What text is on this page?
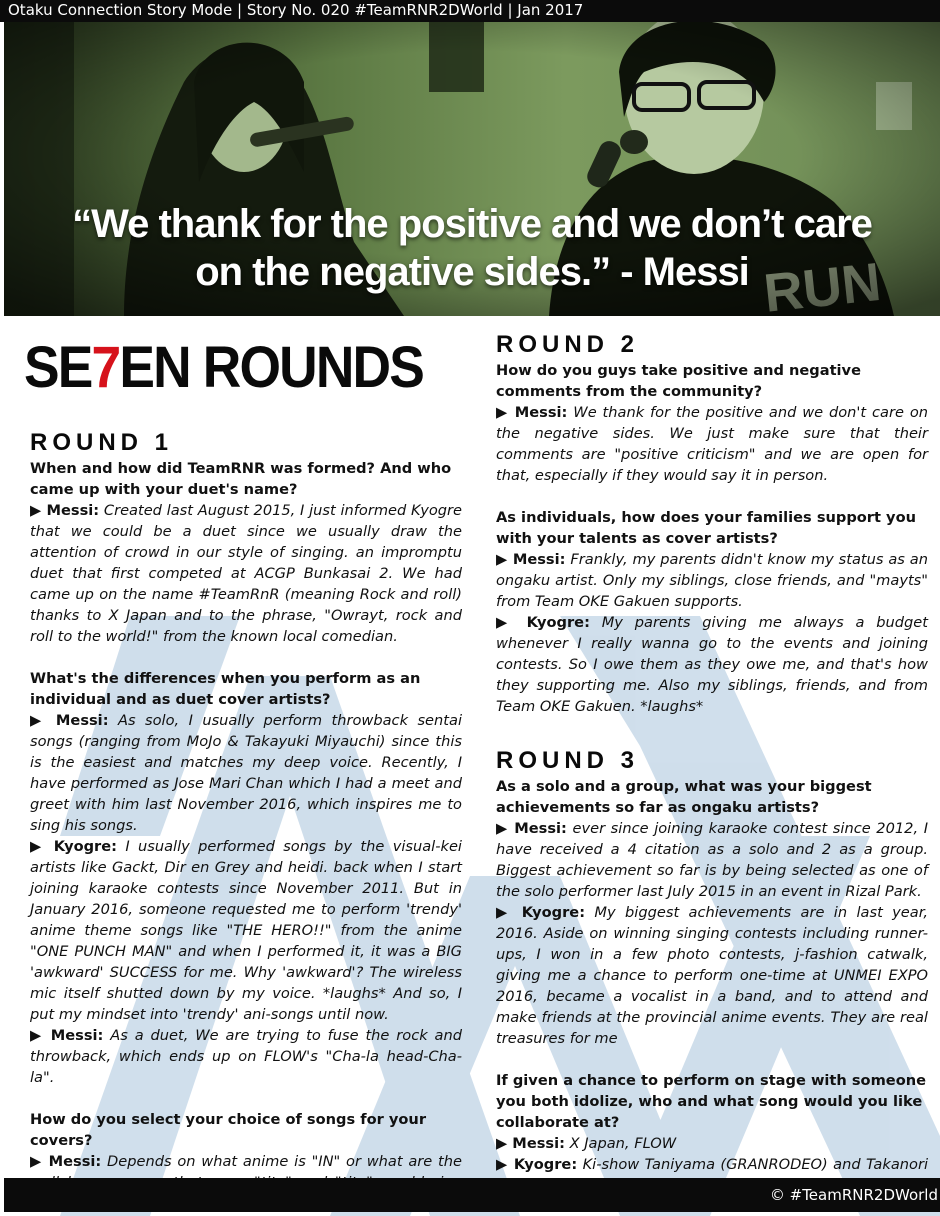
Otaku Connection Story Mode | Story No. 020 #TeamRNR2DWorld | Jan 2017
“We thank for the positive and we don’t care
on the negative sides.” - Messi
SE7EN ROUNDS
ROUND 1

When and how did TeamRNR was formed? And who came up with your duet's name?

▶ Messi: Created last August 2015, I just informed Kyogre that we could be a duet since we usually draw the attention of crowd in our style of singing. an impromptu duet that first competed at ACGP Bunkasai 2. We had came up on the name #TeamRnR (meaning Rock and roll) thanks to X Japan and to the phrase, "Owrayt, rock and roll to the world!" from the known local comedian.

What's the differences when you perform as an individual and as duet cover artists?

▶ Messi: As solo, I usually perform throwback sentai songs (ranging from MoJo & Takayuki Miyauchi) since this is the easiest and matches my deep voice. Recently, I have performed as Jose Mari Chan which I had a meet and greet with him last November 2016, which inspires me to sing his songs.

▶ Kyogre: I usually performed songs by the visual-kei artists like Gackt, Dir en Grey and heidi. back when I start joining karaoke contests since November 2011. But in January 2016, someone requested me to perform 'trendy' anime theme songs like "THE HERO!!" from the anime "ONE PUNCH MAN" and when I performed it, it was a BIG 'awkward' SUCCESS for me. Why 'awkward'? The wireless mic itself shutted down by my voice. *laughs* And so, I put my mindset into 'trendy' ani-songs until now.

▶ Messi: As a duet, We are trying to fuse the rock and throwback, which ends up on FLOW's "Cha-la head-Cha-la".

How do you select your choice of songs for your covers?

▶ Messi: Depends on what anime is "IN" or what are the

ROUND 2

How do you guys take positive and negative comments from the community?

▶ Messi: We thank for the positive and we don't care on the negative sides. We just make sure that their comments are "positive criticism" and we are open for that, especially if they would say it in person.

As individuals, how does your families support you with your talents as cover artists?

▶ Messi: Frankly, my parents didn't know my status as an ongaku artist. Only my siblings, close friends, and "mayts" from Team OKE Gakuen supports.

▶ Kyogre: My parents giving me always a budget whenever I really wanna go to the events and joining contests. So I owe them as they owe me, and that's how they supporting me. Also my siblings, friends, and from Team OKE Gakuen. *laughs*

ROUND 3

As a solo and a group, what was your biggest achievements so far as ongaku artists?

▶ Messi: ever since joining karaoke contest since 2012, I have received a 4 citation as a solo and 2 as a group. Biggest achievement so far is by being selected as one of the solo performer last July 2015 in an event in Rizal Park.

▶ Kyogre: My biggest achievements are in last year, 2016. Aside on winning singing contests including runner-ups, I won in a few photo contests, j-fashion catwalk, giving me a chance to perform one-time at UNMEI EXPO 2016, became a vocalist in a band, and to attend and make friends at the provincial anime events. They are real treasures for me

If given a chance to perform on stage with someone you both idolize, who and what song would you like collaborate at?

▶ Messi: X Japan, FLOW

▶ Kyogre: Ki-show Taniyama (GRANRODEO) and Takanori

© #TeamRNR2DWorld
